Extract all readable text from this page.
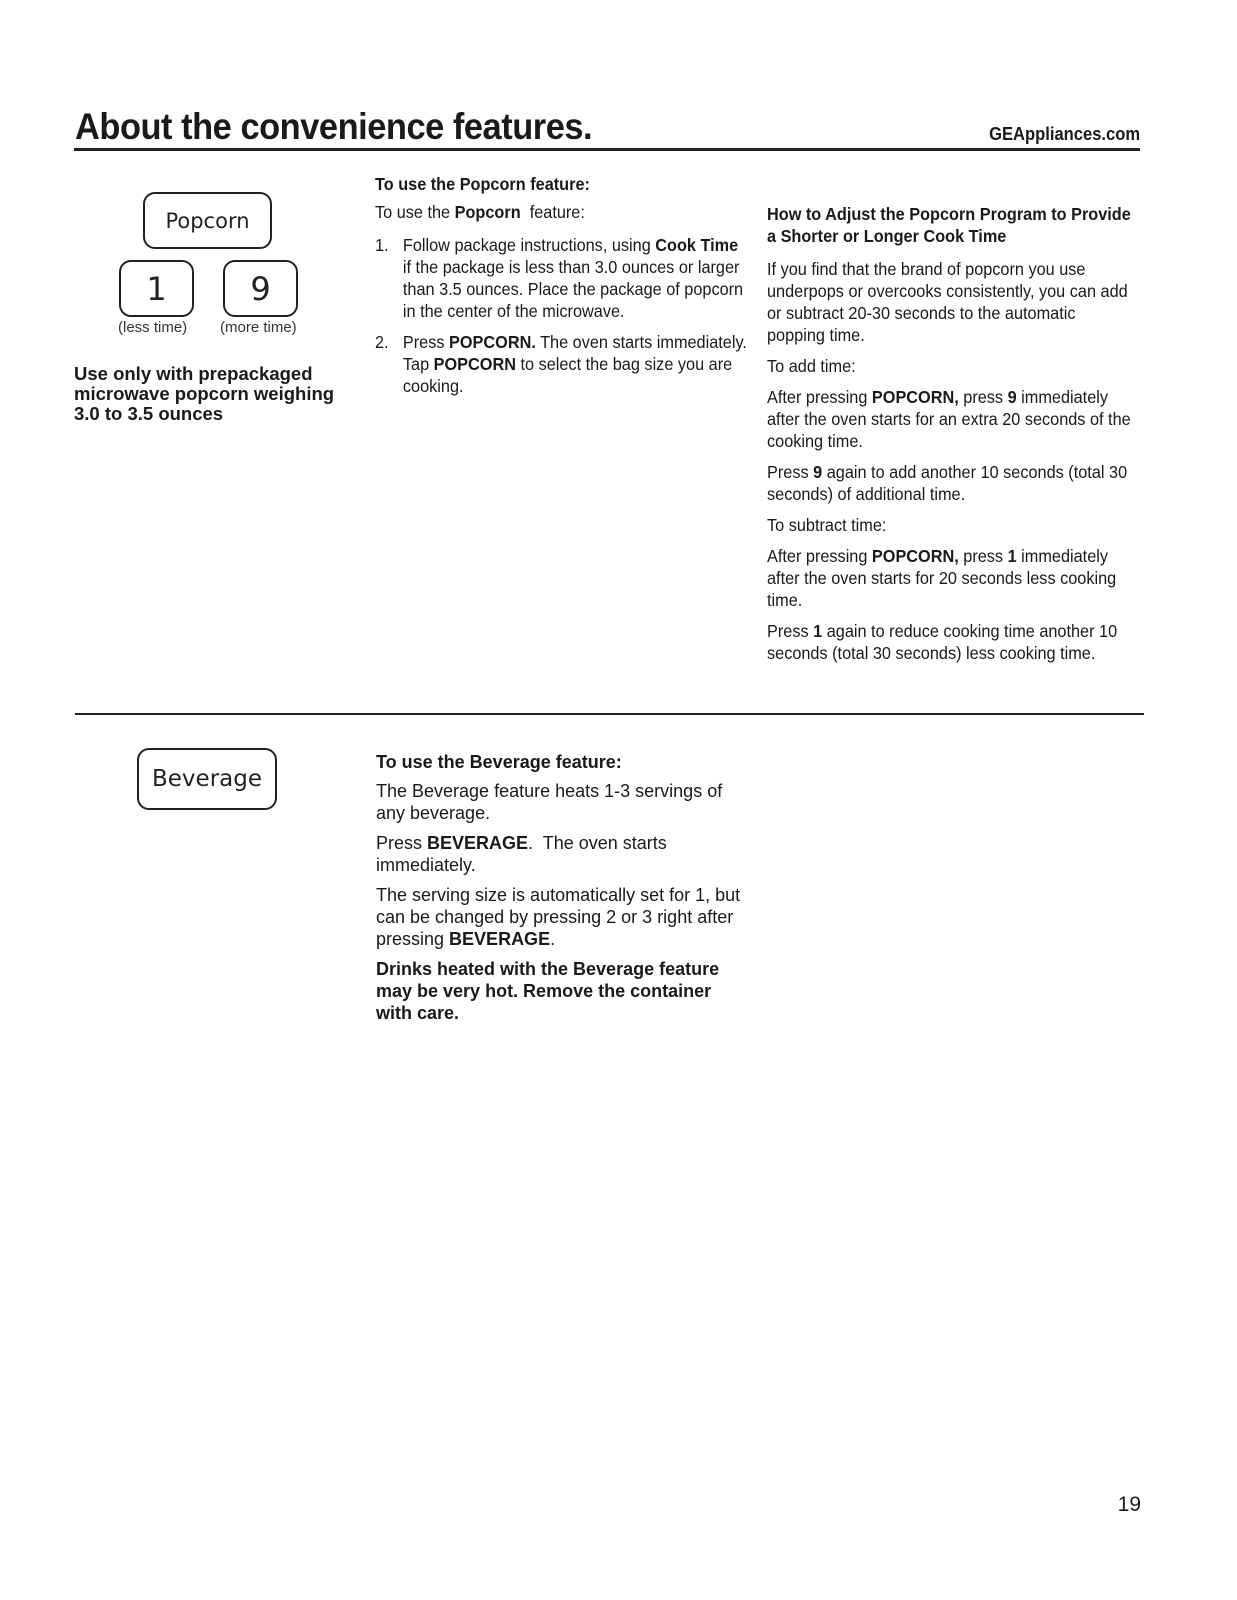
About the convenience features.	GEAppliances.com
Popcorn
1	9
(less time) (more time)
Use only with prepackaged microwave popcorn weighing 3.0 to 3.5 ounces

To use the Popcorn feature:

To use the Popcorn  feature:

1. Follow package instructions, using Cook Time if the package is less than 3.0 ounces or larger than 3.5 ounces. Place the package of popcorn in the center of the microwave.
2. Press POPCORN. The oven starts immediately. Tap POPCORN to select the bag size you are cooking.

How to Adjust the Popcorn Program to Provide a Shorter or Longer Cook Time

If you find that the brand of popcorn you use underpops or overcooks consistently, you can add or subtract 20-30 seconds to the automatic popping time.

To add time:

After pressing POPCORN, press 9 immediately after the oven starts for an extra 20 seconds of the cooking time.

Press 9 again to add another 10 seconds (total 30 seconds) of additional time.

To subtract time:

After pressing POPCORN, press 1 immediately after the oven starts for 20 seconds less cooking time.

Press 1 again to reduce cooking time another 10 seconds (total 30 seconds) less cooking time.

Beverage

To use the Beverage feature:

The Beverage feature heats 1-3 servings of any beverage.

Press BEVERAGE.  The oven starts immediately.

The serving size is automatically set for 1, but can be changed by pressing 2 or 3 right after pressing BEVERAGE.

Drinks heated with the Beverage feature may be very hot. Remove the container with care.

19
